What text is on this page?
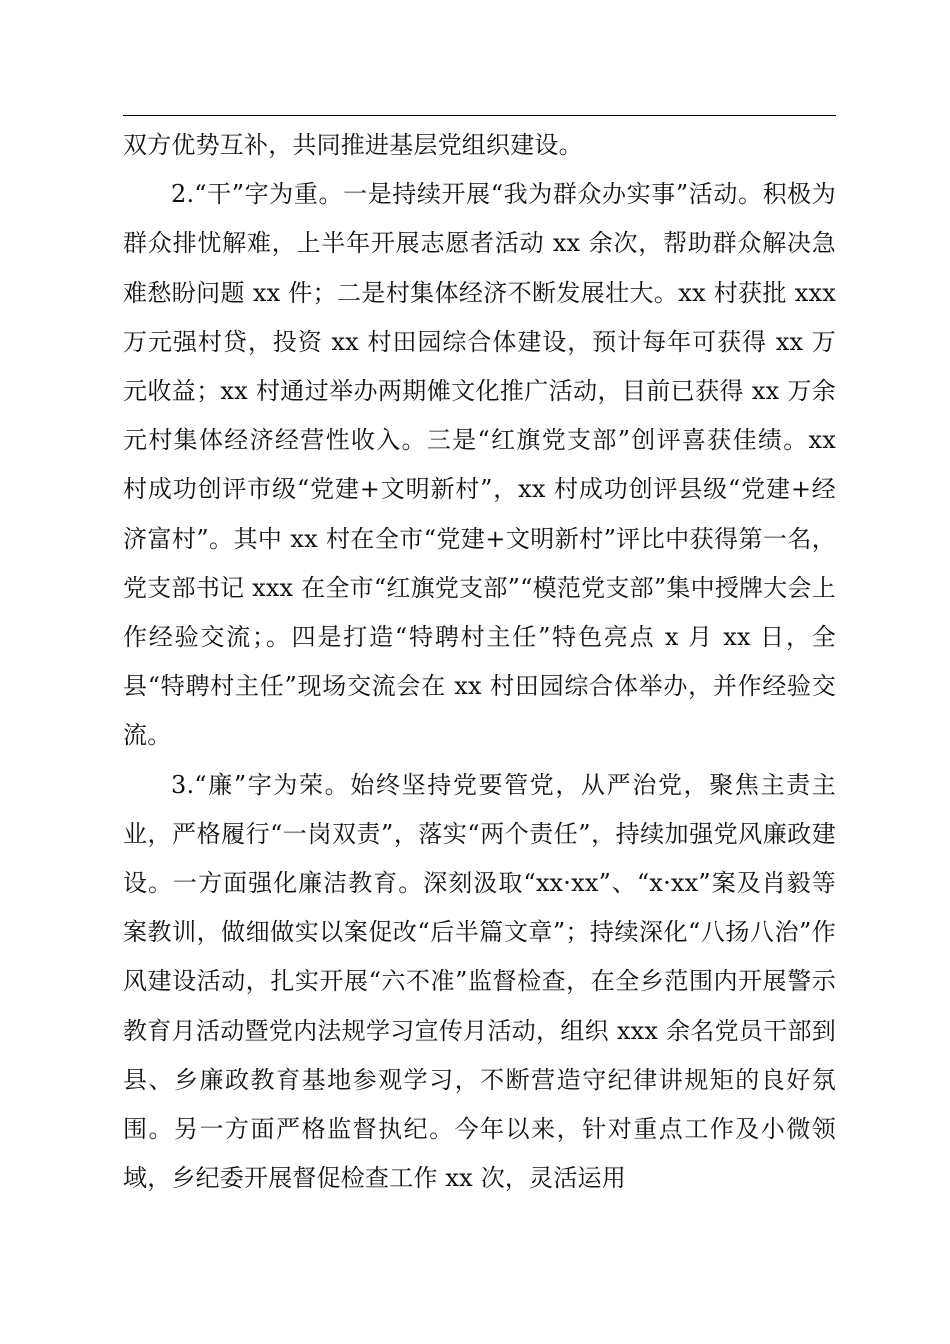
双方优势互补，共同推进基层党组织建设。

2.“干”字为重。一是持续开展“我为群众办实事”活动。积极为群众排忧解难，上半年开展志愿者活动 xx 余次，帮助群众解决急难愁盼问题 xx 件；二是村集体经济不断发展壮大。xx 村获批 xxx 万元强村贷，投资 xx 村田园综合体建设，预计每年可获得 xx 万元收益；xx 村通过举办两期傩文化推广活动，目前已获得 xx 万余元村集体经济经营性收入。三是“红旗党支部”创评喜获佳绩。xx 村成功创评市级“党建+文明新村”，xx 村成功创评县级“党建+经济富村”。其中 xx 村在全市“党建+文明新村”评比中获得第一名，党支部书记 xxx 在全市“红旗党支部”“模范党支部”集中授牌大会上作经验交流；。四是打造“特聘村主任”特色亮点 x 月 xx 日，全县“特聘村主任”现场交流会在 xx 村田园综合体举办，并作经验交流。

3.“廉”字为荣。始终坚持党要管党，从严治党，聚焦主责主业，严格履行“一岗双责”，落实“两个责任”，持续加强党风廉政建设。一方面强化廉洁教育。深刻汲取“xx·xx”、“x·xx”案及肖毅等案教训，做细做实以案促改“后半篇文章”；持续深化“八扬八治”作风建设活动，扎实开展“六不准”监督检查，在全乡范围内开展警示教育月活动暨党内法规学习宣传月活动，组织 xxx 余名党员干部到县、乡廉政教育基地参观学习，不断营造守纪律讲规矩的良好氛围。另一方面严格监督执纪。今年以来，针对重点工作及小微领域，乡纪委开展督促检查工作 xx 次，灵活运用
